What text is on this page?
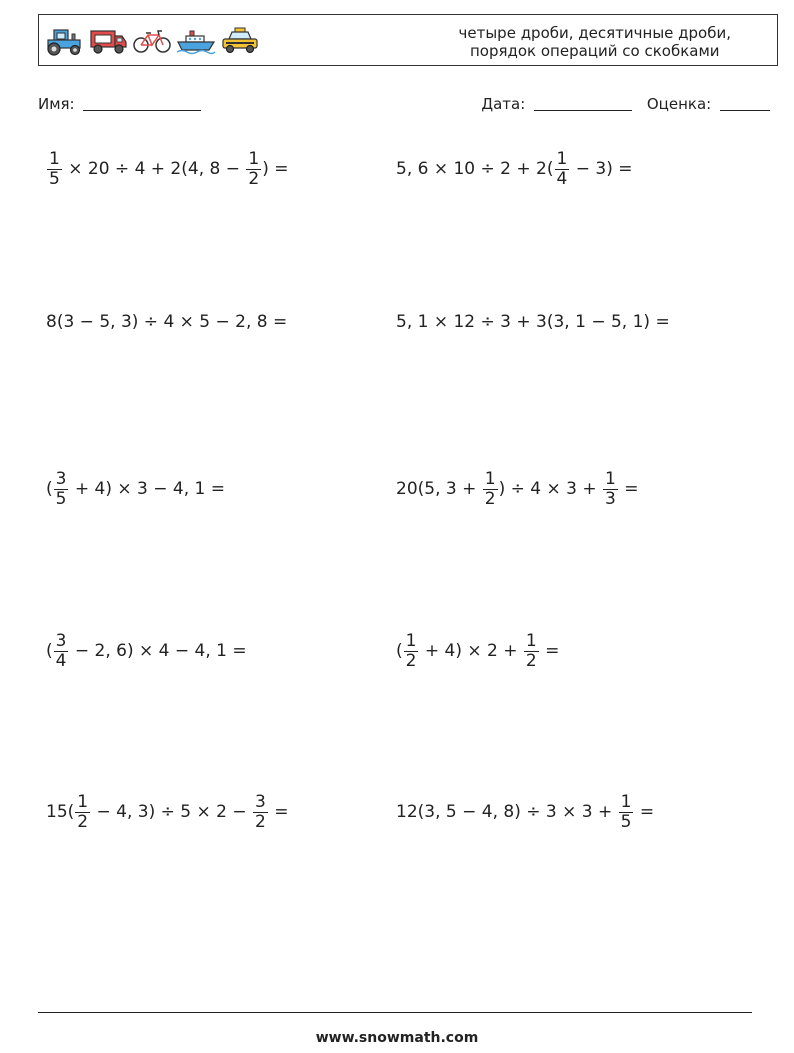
четыре дроби, десятичные дроби,
порядок операций со скобками
Имя:	Дата:	Оценка:
$\frac{1}{5} \times 20 \div 4 + 2(4$, $8 - \frac{1}{2}$ ) =	5, $6 \times 10 \div 2 + 2( \frac{1}{4} - 3)$ =
8(3 − 5, 3) ÷ 4 × 5 − 2, 8 =	5, 1 × 12 ÷ 3 + 3(3, 1 − 5, 1) =
( $\frac{3}{5} + 4) \times 3 - 4$, 1 =	20(5, $3 + \frac{1}{2}$ ) ÷ $4 \times 3 + \frac{1}{3}$ =
( $\frac{3}{4} - 2$, 6) × 4 − 4, 1 =	( $\frac{1}{2} + 4) \times 2 + \frac{1}{2}$ =
$15( \frac{1}{2} - 4$, $3) \div 5 \times 2 - \frac{3}{2}$ =	12(3, 5 − 4, $8) \div 3 \times 3 + \frac{1}{5}$ =
www.snowmath.com
